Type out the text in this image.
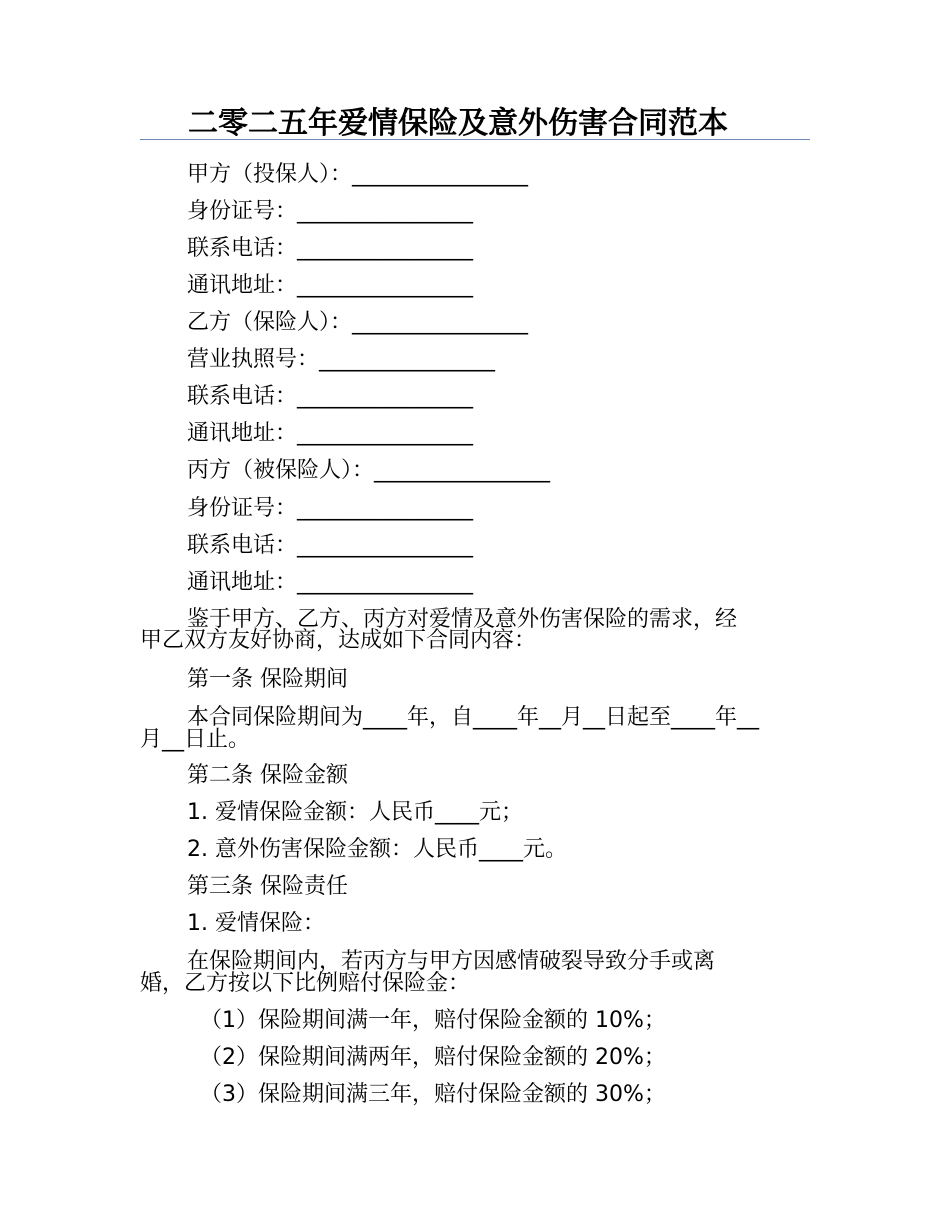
二零二五年爱情保险及意外伤害合同范本
甲方（投保人）：________________
身份证号：________________
联系电话：________________
通讯地址：________________
乙方（保险人）：________________
营业执照号：________________
联系电话：________________
通讯地址：________________
丙方（被保险人）：________________
身份证号：________________
联系电话：________________
通讯地址：________________
鉴于甲方、乙方、丙方对爱情及意外伤害保险的需求，经
甲乙双方友好协商，达成如下合同内容：
第一条 保险期间
本合同保险期间为____年，自____年__月__日起至____年__
月__日止。
第二条 保险金额
1. 爱情保险金额：人民币____元；
2. 意外伤害保险金额：人民币____元。
第三条 保险责任
1. 爱情保险：
在保险期间内，若丙方与甲方因感情破裂导致分手或离
婚，乙方按以下比例赔付保险金：
（1）保险期间满一年，赔付保险金额的 10%；
（2）保险期间满两年，赔付保险金额的 20%；
（3）保险期间满三年，赔付保险金额的 30%；
